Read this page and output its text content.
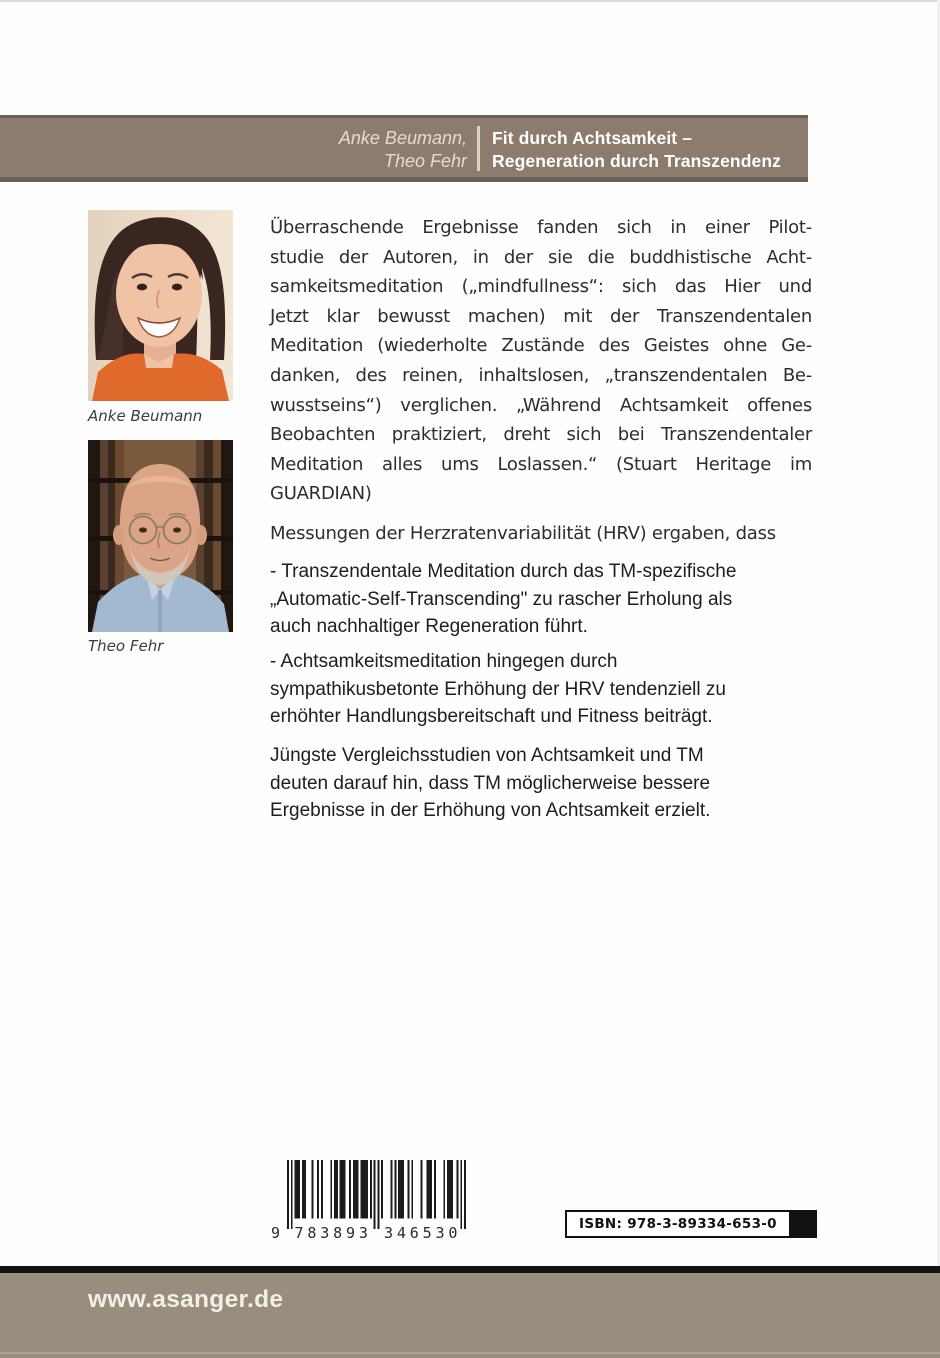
Anke Beumann,
Theo Fehr
Fit durch Achtsamkeit –
Regeneration durch Transzendenz
Anke Beumann
Theo Fehr
Überraschende Ergebnisse fanden sich in einer Pilot-
studie der Autoren, in der sie die buddhistische Acht-
samkeitsmeditation („mindfullness“: sich das Hier und
Jetzt klar bewusst machen) mit der Transzendentalen
Meditation (wiederholte Zustände des Geistes ohne Ge-
danken, des reinen, inhaltslosen, „transzendentalen Be-
wusstseins“) verglichen. „Während Achtsamkeit offenes
Beobachten praktiziert, dreht sich bei Transzendentaler
Meditation alles ums Loslassen.“ (Stuart Heritage im
GUARDIAN)
Messungen der Herzratenvariabilität (HRV) ergaben, dass
- Transzendentale Meditation durch das TM-spezifische
„Automatic-Self-Transcending" zu rascher Erholung als
auch nachhaltiger Regeneration führt.
- Achtsamkeitsmeditation hingegen durch
sympathikusbetonte Erhöhung der HRV tendenziell zu
erhöhter Handlungsbereitschaft und Fitness beiträgt.
Jüngste Vergleichsstudien von Achtsamkeit und TM
deuten darauf hin, dass TM möglicherweise bessere
Ergebnisse in der Erhöhung von Achtsamkeit erzielt.
9 783893 346530
ISBN: 978-3-89334-653-0
www.asanger.de
